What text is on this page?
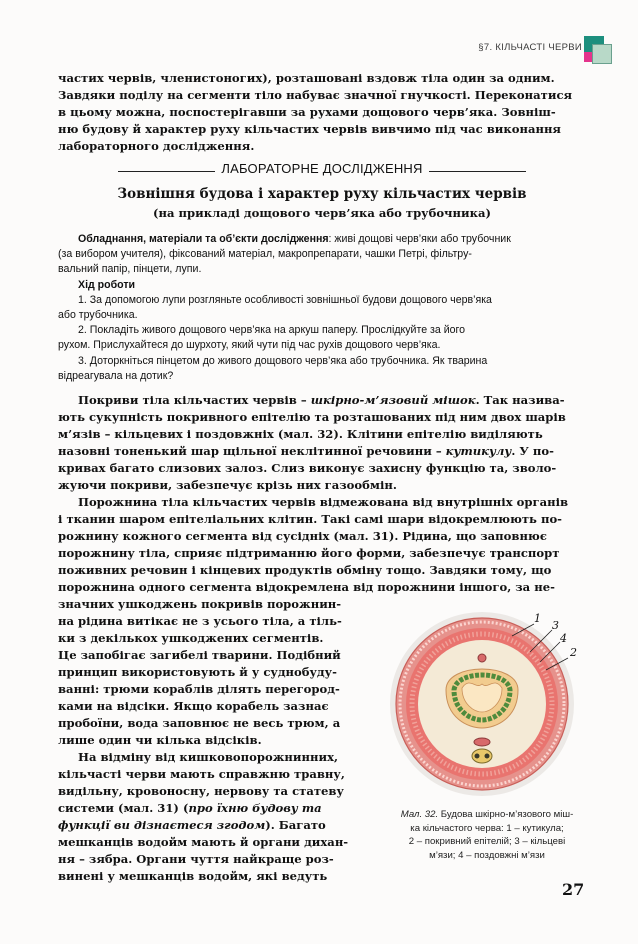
§7. КІЛЬЧАСТІ ЧЕРВИ

частих червів, членистоногих), розташовані вздовж тіла один за одним.

Завдяки поділу на сегменти тіло набуває значної гнучкості. Переконатися

в цьому можна, поспостерігавши за рухами дощового черв’яка. Зовніш-

ню будову й характер руху кільчастих червів вивчимо під час виконання

лабораторного дослідження.

ЛАБОРАТОРНЕ ДОСЛІДЖЕННЯ
Зовнішня будова і характер руху кільчастих червів
(на прикладі дощового черв’яка або трубочника)

Обладнання, матеріали та об’єкти дослідження: живі дощові черв’яки або трубочник

(за вибором учителя), фіксований матеріал, макропрепарати, чашки Петрі, фільтру-

вальний папір, пінцети, лупи.

Хід роботи

1. За допомогою лупи розгляньте особливості зовнішньої будови дощового черв’яка

або трубочника.

2. Покладіть живого дощового черв’яка на аркуш паперу. Прослідкуйте за його

рухом. Прислухайтеся до шурхоту, який чути під час рухів дощового черв’яка.

3. Доторкніться пінцетом до живого дощового черв’яка або трубочника. Як тварина

відреагувала на дотик?

Покриви тіла кільчастих червів – шкірно-м’язовий мішок. Так назива-

ють сукупність покривного епітелію та розташованих під ним двох шарів

м’язів – кільцевих і поздовжніх (мал. 32). Клітини епітелію виділяють

назовні тоненький шар щільної неклітинної речовини – кутикулу. У по-

кривах багато слизових залоз. Слиз виконує захисну функцію та, зволо-

жуючи покриви, забезпечує крізь них газообмін.

Порожнина тіла кільчастих червів відмежована від внутрішніх органів

і тканин шаром епітеліальних клітин. Такі самі шари відокремлюють по-

рожнину кожного сегмента від сусідніх (мал. 31). Рідина, що заповнює

порожнину тіла, сприяє підтриманню його форми, забезпечує транспорт

поживних речовин і кінцевих продуктів обміну тощо. Завдяки тому, що

порожнина одного сегмента відокремлена від порожнини іншого, за не-

значних ушкоджень покривів порожнин-

на рідина витікає не з усього тіла, а тіль-

ки з декількох ушкоджених сегментів.

Це запобігає загибелі тварини. Подібний

принцип використовують й у суднобуду-

ванні: трюми кораблів ділять перегород-

ками на відсіки. Якщо корабель зазнає

пробоїни, вода заповнює не весь трюм, а

лише один чи кілька відсіків.

На відміну від кишковопорожнинних,

кільчасті черви мають справжню травну,

видільну, кровоносну, нервову та статеву

системи (мал. 31) (про їхню будову та

функції ви дізнаєтеся згодом). Багато

мешканців водойм мають й органи дихан-

ня – зябра. Органи чуття найкраще роз-

винені у мешканців водойм, які ведуть

1
3
4
2
Мал. 32. Будова шкірно-м’язового міш-
ка кільчастого черва: 1 – кутикула;
2 – покривний епітелій; 3 – кільцеві
м’язи; 4 – поздовжні м’язи
27
